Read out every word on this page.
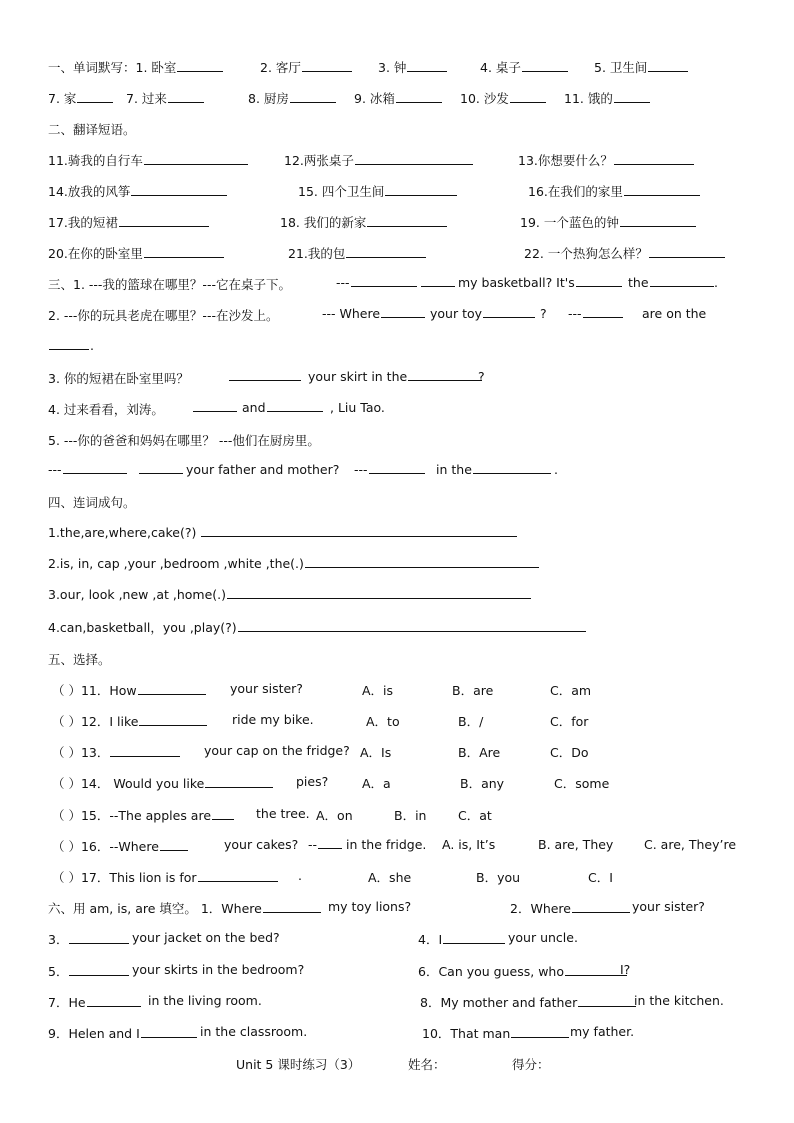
一、单词默写：1. 卧室	2. 客厅	3. 钟	4. 桌子	5. 卫生间
7. 家	7. 过来	8. 厨房	9. 冰箱	10. 沙发	11. 饿的
二、翻译短语。
11.骑我的自行车	12.两张桌子	13.你想要什么？
14.放我的风筝	15. 四个卫生间	16.在我们的家里
17.我的短裙	18. 我们的新家	19. 一个蓝色的钟
20.在你的卧室里	21.我的包	22. 一个热狗怎么样？
三、1. ---我的篮球在哪里？---它在桌子下。	---	my basketball? It's	the	.
2. ---你的玩具老虎在哪里？---在沙发上。	--- Where	your toy	? ---	are on the
.
3. 你的短裙在卧室里吗？	your skirt in the	?
4. 过来看看，刘涛。	and	, Liu Tao.
5. ---你的爸爸和妈妈在哪里？ ---他们在厨房里。
---	your father and mother? ---	in the	.
四、连词成句。
1.the,are,where,cake(?)
2.is, in, cap ,your ,bedroom ,white ,the(.)
3.our, look ,new ,at ,home(.)
4.can,basketball，you ,play(?)
五、选择。
（ ）11．How	your sister?	A．is	B．are	C．am
（ ）12．I like	ride my bike.	A．to	B．/	C．for
（ ）13．	your cap on the fridge? A．Is	B．Are	C．Do
（ ）14． Would you like	pies?	A．a	B．any	C．some
（ ）15．--The apples are	the tree. A．on	B．in	C．at
（ ）16．--Where	your cakes? --	in the fridge. A. is, It’s	B. are, They C. are, They’re
（ ）17．This lion is for	.	A．she	B．you	C．I
六、用 am, is, are 填空。 1．Where	my toy lions?	2．Where	your sister?
3．	your jacket on the bed?	4．I	your uncle.
5．	your skirts in the bedroom?	6．Can you guess, who	I?
7．He	in the living room.	8．My mother and father	in the kitchen.
9．Helen and I	in the classroom.	10．That man	my father.
Unit 5 课时练习（3）	姓名：	得分：
